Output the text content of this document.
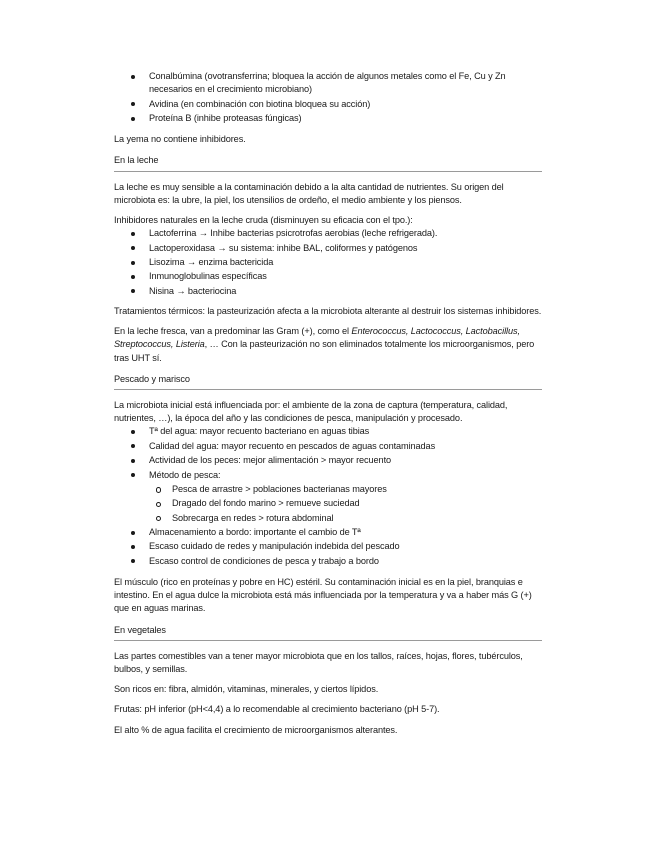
Conalbúmina (ovotransferrina; bloquea la acción de algunos metales como el Fe, Cu y Zn necesarios en el crecimiento microbiano)
Avidina (en combinación con biotina bloquea su acción)
Proteína B (inhibe proteasas fúngicas)

La yema no contiene inhibidores.

En la leche

La leche es muy sensible a la contaminación debido a la alta cantidad de nutrientes. Su origen del microbiota es: la ubre, la piel, los utensilios de ordeño, el medio ambiente y los piensos.

Inhibidores naturales en la leche cruda (disminuyen su eficacia con el tpo.):

Lactoferrina → Inhibe bacterias psicrotrofas aerobias (leche refrigerada).
Lactoperoxidasa → su sistema: inhibe BAL, coliformes y patógenos
Lisozima → enzima bactericida
Inmunoglobulinas específicas
Nisina → bacteriocina

Tratamientos térmicos: la pasteurización afecta a la microbiota alterante al destruir los sistemas inhibidores.

En la leche fresca, van a predominar las Gram (+), como el Enterococcus, Lactococcus, Lactobacillus, Streptococcus, Listeria, … Con la pasteurización no son eliminados totalmente los microorganismos, pero tras UHT sí.

Pescado y marisco

La microbiota inicial está influenciada por: el ambiente de la zona de captura (temperatura, calidad, nutrientes, …), la época del año y las condiciones de pesca, manipulación y procesado.

Tª del agua: mayor recuento bacteriano en aguas tibias
Calidad del agua: mayor recuento en pescados de aguas contaminadas
Actividad de los peces: mejor alimentación > mayor recuento
Método de pesca:
Pesca de arrastre > poblaciones bacterianas mayores
Dragado del fondo marino > remueve suciedad
Sobrecarga en redes > rotura abdominal
Almacenamiento a bordo: importante el cambio de Tª
Escaso cuidado de redes y manipulación indebida del pescado
Escaso control de condiciones de pesca y trabajo a bordo

El músculo (rico en proteínas y pobre en HC) estéril. Su contaminación inicial es en la piel, branquias e intestino. En el agua dulce la microbiota está más influenciada por la temperatura y va a haber más G (+) que en aguas marinas.

En vegetales

Las partes comestibles van a tener mayor microbiota que en los tallos, raíces, hojas, flores, tubérculos, bulbos, y semillas.

Son ricos en: fibra, almidón, vitaminas, minerales, y ciertos lípidos.

Frutas: pH inferior (pH<4,4) a lo recomendable al crecimiento bacteriano (pH 5-7).

El alto % de agua facilita el crecimiento de microorganismos alterantes.
